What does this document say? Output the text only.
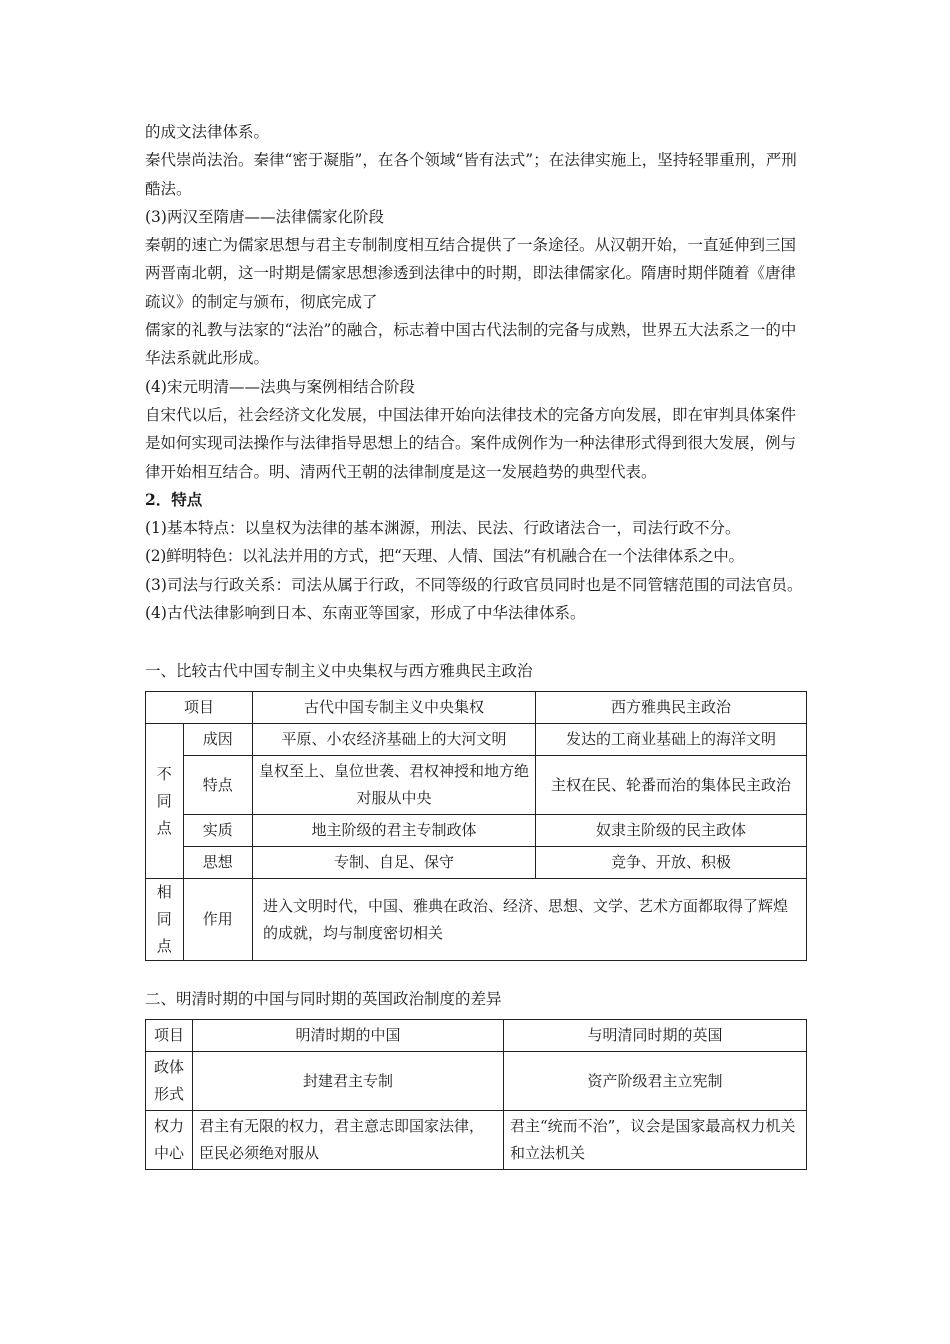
的成文法律体系。

秦代崇尚法治。秦律“密于凝脂”，在各个领域“皆有法式”；在法律实施上，坚持轻罪重刑，严刑酷法。

(3)两汉至隋唐——法律儒家化阶段

秦朝的速亡为儒家思想与君主专制制度相互结合提供了一条途径。从汉朝开始，一直延伸到三国两晋南北朝，这一时期是儒家思想渗透到法律中的时期，即法律儒家化。隋唐时期伴随着《唐律疏议》的制定与颁布，彻底完成了

儒家的礼教与法家的“法治”的融合，标志着中国古代法制的完备与成熟，世界五大法系之一的中华法系就此形成。

(4)宋元明清——法典与案例相结合阶段

自宋代以后，社会经济文化发展，中国法律开始向法律技术的完备方向发展，即在审判具体案件是如何实现司法操作与法律指导思想上的结合。案件成例作为一种法律形式得到很大发展，例与律开始相互结合。明、清两代王朝的法律制度是这一发展趋势的典型代表。

2．特点

(1)基本特点：以皇权为法律的基本渊源，刑法、民法、行政诸法合一，司法行政不分。

(2)鲜明特色：以礼法并用的方式，把“天理、人情、国法”有机融合在一个法律体系之中。

(3)司法与行政关系：司法从属于行政，不同等级的行政官员同时也是不同管辖范围的司法官员。

(4)古代法律影响到日本、东南亚等国家，形成了中华法律体系。

一、比较古代中国专制主义中央集权与西方雅典民主政治

项目		古代中国专制主义中央集权	西方雅典民主政治

不
同
点	成因	平原、小农经济基础上的大河文明	发达的工商业基础上的海洋文明
	特点	皇权至上、皇位世袭、君权神授和地方绝对服从中央	主权在民、轮番而治的集体民主政治
	实质	地主阶级的君主专制政体	奴隶主阶级的民主政体
	思想	专制、自足、保守	竞争、开放、积极

相
同
点	作用	进入文明时代，中国、雅典在政治、经济、思想、文学、艺术方面都取得了辉煌的成就，均与制度密切相关	

二、明清时期的中国与同时期的英国政治制度的差异

项目	明清时期的中国	与明清同时期的英国

政体
形式	封建君主专制	资产阶级君主立宪制

权力
中心	君主有无限的权力，君主意志即国家法律，臣民必须绝对服从	君主“统而不治”，议会是国家最高权力机关和立法机关
